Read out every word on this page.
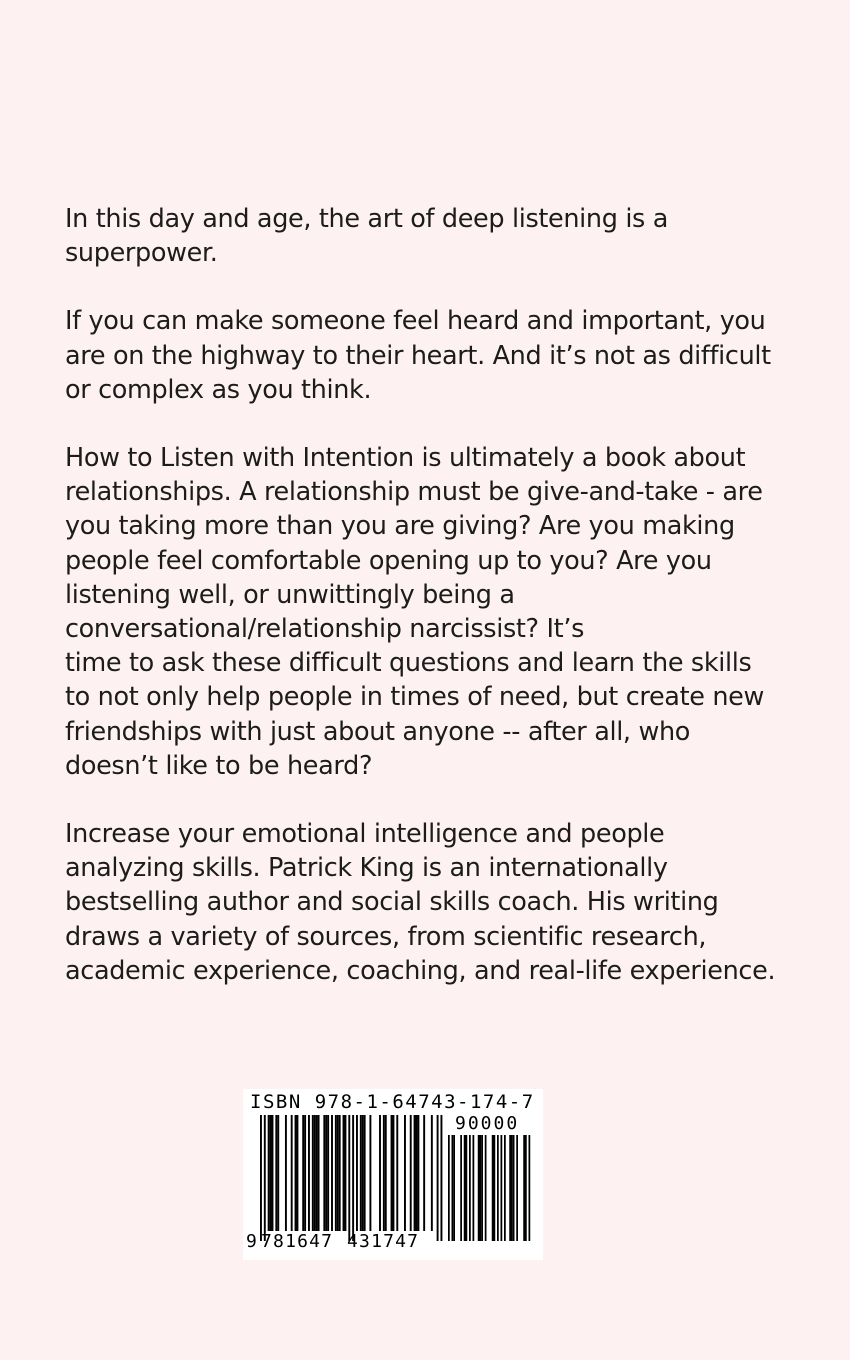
In this day and age, the art of deep listening is a
superpower.

If you can make someone feel heard and important, you
are on the highway to their heart. And it’s not as difficult
or complex as you think.

How to Listen with Intention is ultimately a book about
relationships. A relationship must be give-and-take - are
you taking more than you are giving? Are you making
people feel comfortable opening up to you? Are you
listening well, or unwittingly being a
conversational/relationship narcissist? It’s
time to ask these difficult questions and learn the skills
to not only help people in times of need, but create new
friendships with just about anyone -- after all, who
doesn’t like to be heard?

Increase your emotional intelligence and people
analyzing skills. Patrick King is an internationally
bestselling author and social skills coach. His writing
draws a variety of sources, from scientific research,
academic experience, coaching, and real-life experience.

ISBN 978-1-64743-174-7
90000
9 781647 431747
